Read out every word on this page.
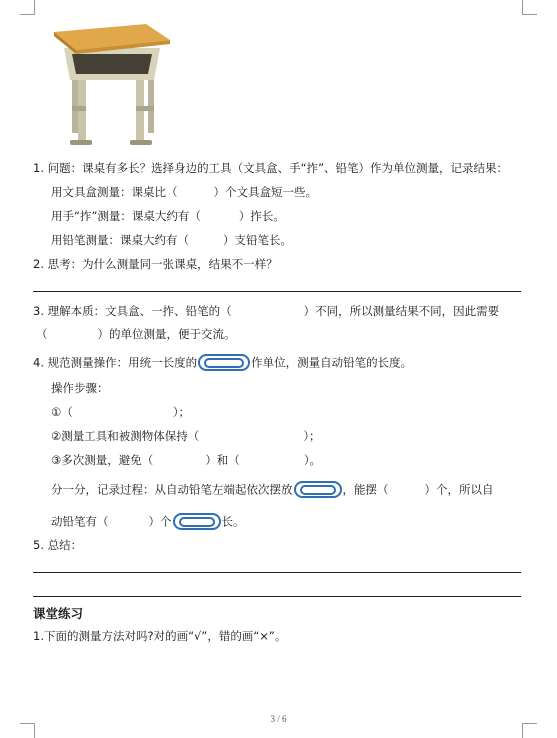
1. 问题：课桌有多长？选择身边的工具（文具盒、手“拃”、铅笔）作为单位测量，记录结果：
用文具盒测量：课桌比（	）个文具盒短一些。
用手“拃”测量：课桌大约有（	）拃长。
用铅笔测量：课桌大约有（	）支铅笔长。
2. 思考：为什么测量同一张课桌，结果不一样？
3. 理解本质：文具盒、一拃、铅笔的（	）不同，所以测量结果不同，因此需要
（	）的单位测量，便于交流。
4. 规范测量操作：用统一长度的	作单位，测量自动铅笔的长度。
操作步骤：
①（	）；
②测量工具和被测物体保持（	）；
③多次测量，避免（	）和（	）。
分一分，记录过程：从自动铅笔左端起依次摆放	，能摆（	）个，所以自
动铅笔有（	）个	长。
5. 总结：
课堂练习
1.下面的测量方法对吗?对的画“√”，错的画“×”。
3 / 6
